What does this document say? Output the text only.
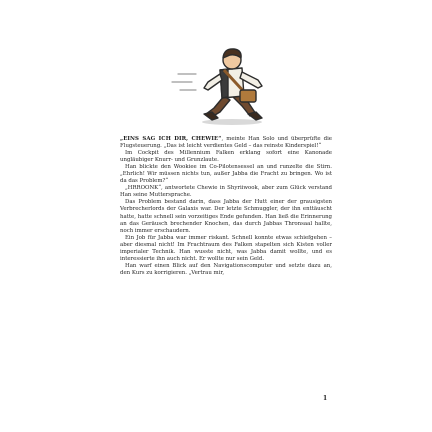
„EINS SAG ICH DIR, CHEWIE“, meinte Han Solo und überprüfte die Flugsteuerung. „Das ist leicht verdientes Geld – das reinste Kinderspiel!“

Im Cockpit des Millennium Falken erklang sofort eine Kanonade ungläubiger Knurr- und Grunzlaute.

Han blickte den Wookiee im Co-Pilotensessel an und runzelte die Stirn. „Ehrlich! Wir müssen nichts tun, außer Jabba die Fracht zu bringen. Wo ist da das Problem?“

„HRROONK“, antwortete Chewie in Shyriiwook, aber zum Glück verstand Han seine Muttersprache.

Das Problem bestand darin, dass Jabba der Hutt einer der grausigsten Verbrecherlords der Galaxis war. Der letzte Schmuggler, der ihn enttäuscht hatte, hatte schnell sein vorzeitiges Ende gefunden. Han ließ die Erinnerung an das Geräusch brechender Knochen, das durch Jabbas Thronsaal hallte, noch immer erschaudern.

Ein Job für Jabba war immer riskant. Schnell konnte etwas schiefgehen – aber diesmal nicht! Im Frachtraum des Falken stapelten sich Kisten voller imperialer Technik. Han wusste nicht, was Jabba damit wollte, und es interessierte ihn auch nicht. Er wollte nur sein Geld.

Han warf einen Blick auf den Navigationscomputer und setzte dazu an, den Kurs zu korrigieren. „Vertrau mir,

1
